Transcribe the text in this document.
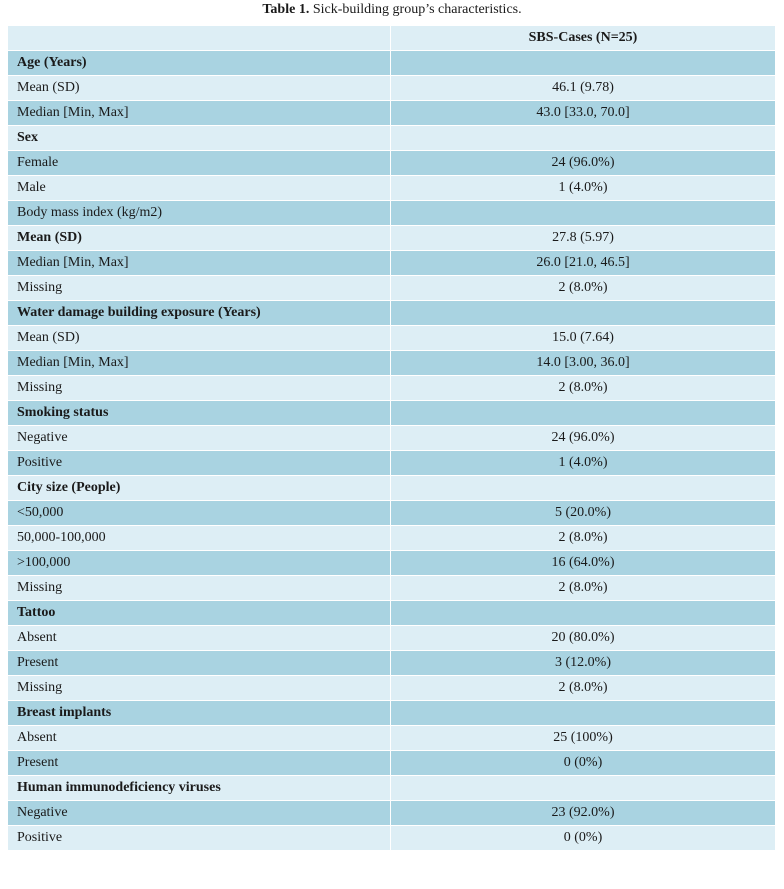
Table 1. Sick-building group’s characteristics.
	SBS-Cases (N=25)
Age (Years)	
Mean (SD)	46.1 (9.78)
Median [Min, Max]	43.0 [33.0, 70.0]
Sex	
Female	24 (96.0%)
Male	1 (4.0%)
Body mass index (kg/m2)	
Mean (SD)	27.8 (5.97)
Median [Min, Max]	26.0 [21.0, 46.5]
Missing	2 (8.0%)
Water damage building exposure (Years)	
Mean (SD)	15.0 (7.64)
Median [Min, Max]	14.0 [3.00, 36.0]
Missing	2 (8.0%)
Smoking status	
Negative	24 (96.0%)
Positive	1 (4.0%)
City size (People)	
<50,000	5 (20.0%)
50,000-100,000	2 (8.0%)
>100,000	16 (64.0%)
Missing	2 (8.0%)
Tattoo	
Absent	20 (80.0%)
Present	3 (12.0%)
Missing	2 (8.0%)
Breast implants	
Absent	25 (100%)
Present	0 (0%)
Human immunodeficiency viruses	
Negative	23 (92.0%)
Positive	0 (0%)
